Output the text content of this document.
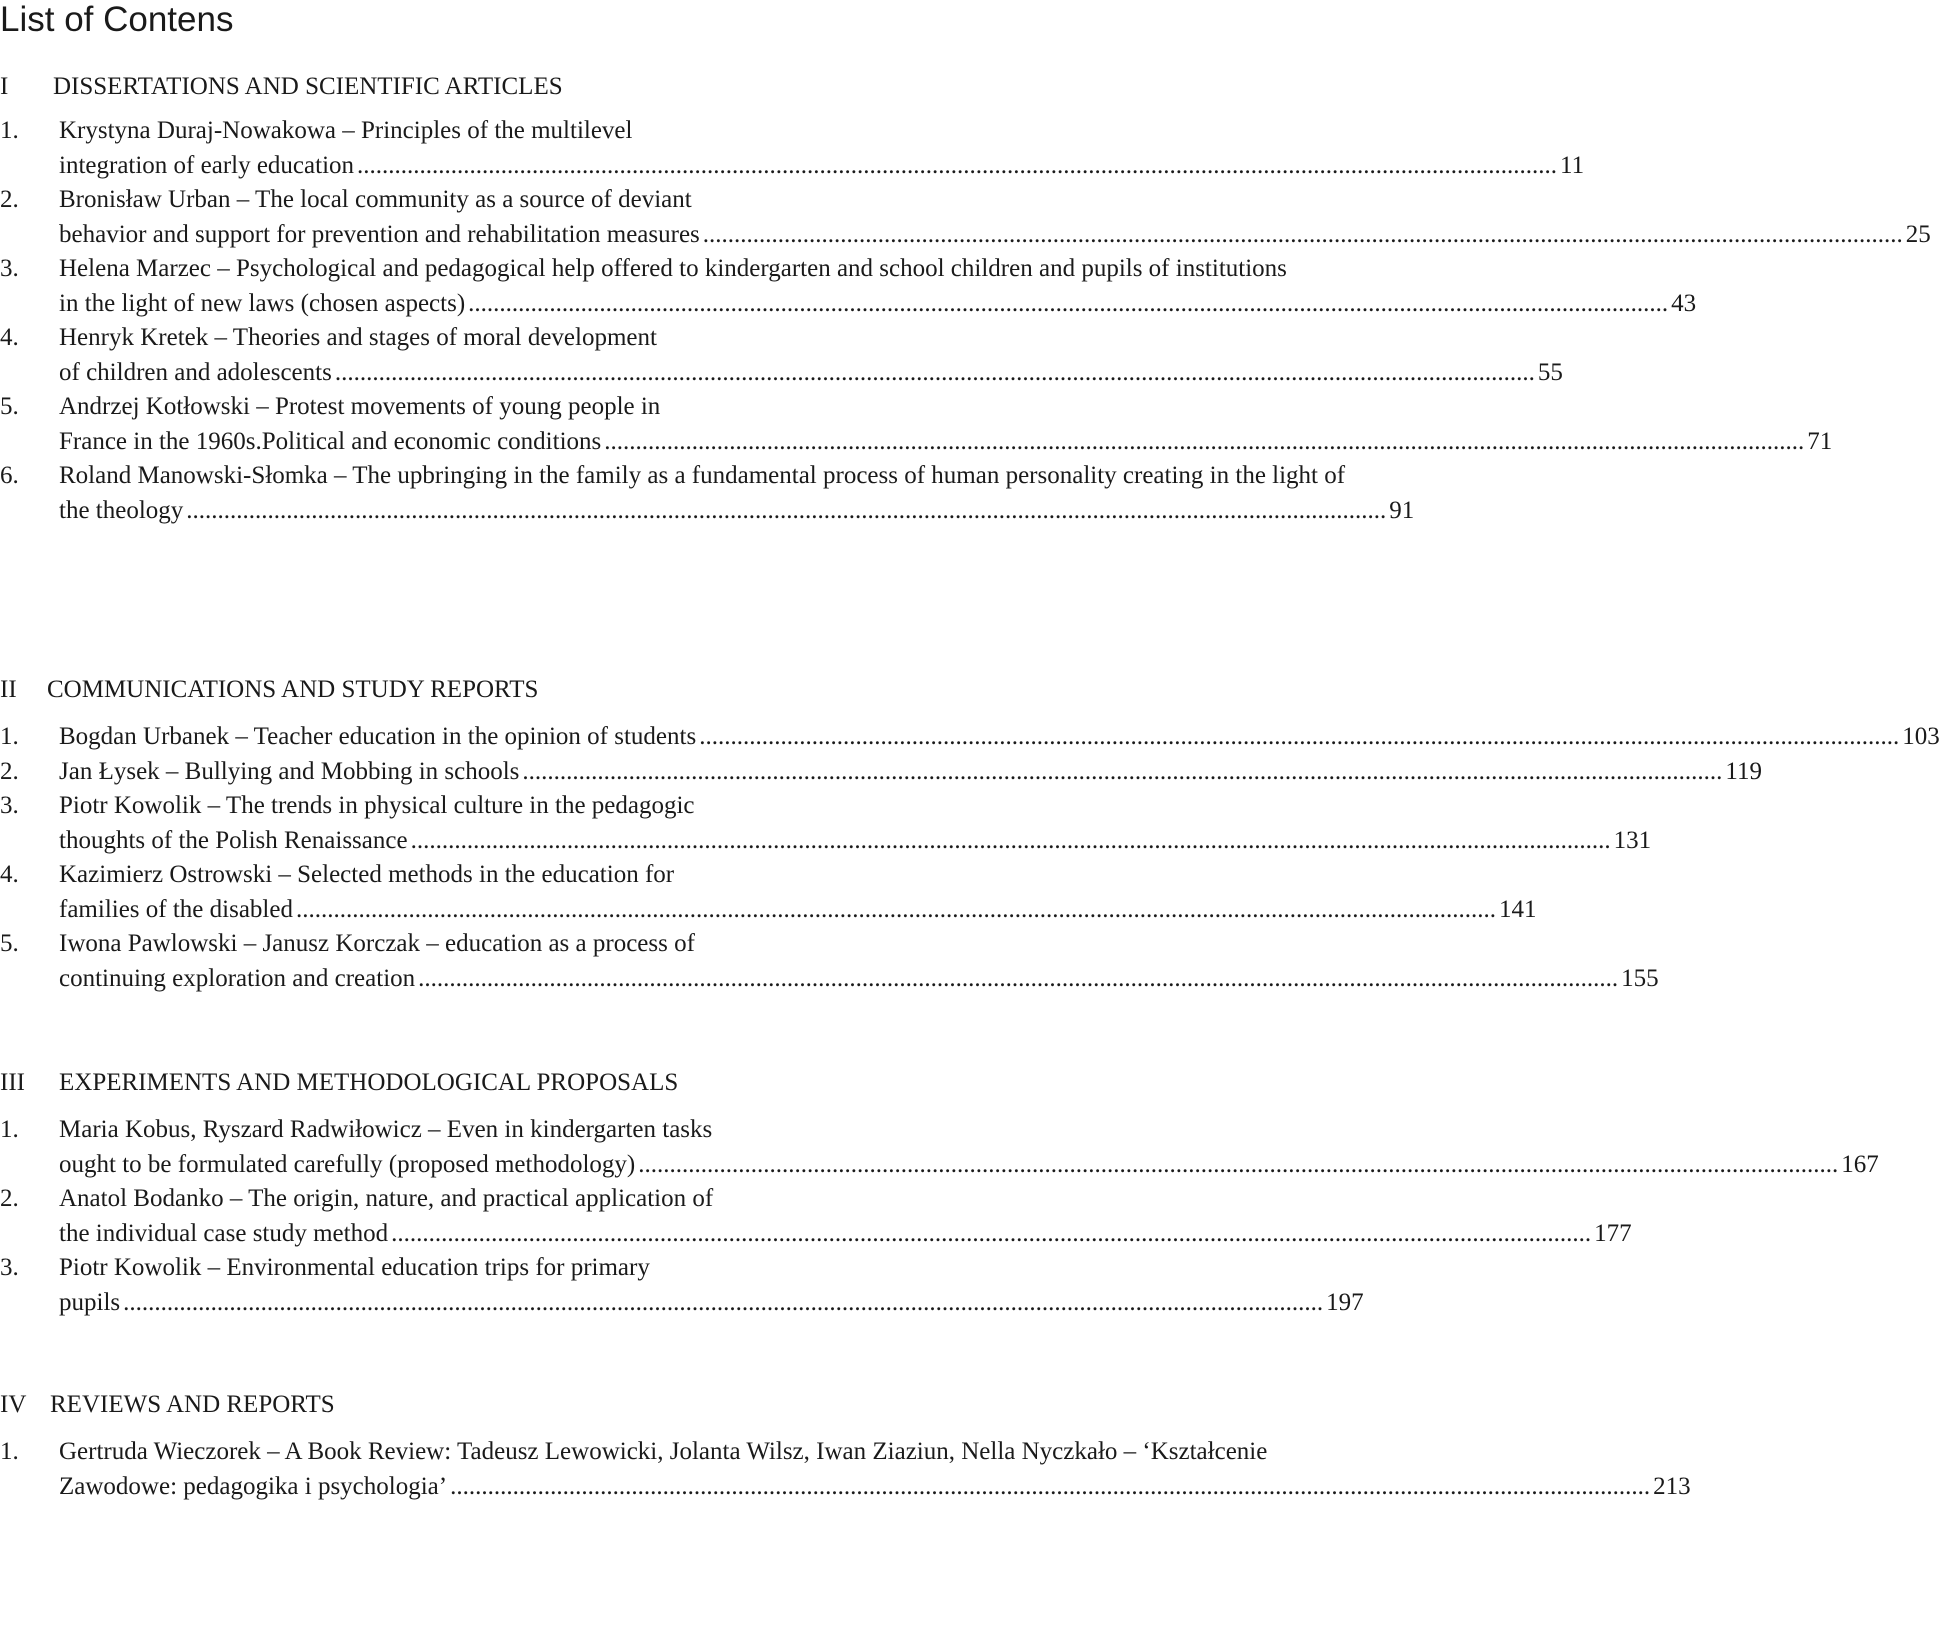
List of Contens
I	DISSERTATIONS AND SCIENTIFIC ARTICLES
1.	Krystyna Duraj-Nowakowa – Principles of the multilevel
integration of early education .....	11
2.	Bronisław Urban – The local community as a source of deviant
behavior and support for prevention and rehabilitation measures .....	25
3.	Helena Marzec – Psychological and pedagogical help offered to kindergarten and school children and pupils of institutions
in the light of new laws (chosen aspects) .....	43
4.	Henryk Kretek – Theories and stages of moral development
of children and adolescents .....	55
5.	Andrzej Kotłowski – Protest movements of young people in
France in the 1960s.Political and economic conditions .....	71
6.	Roland Manowski-Słomka – The upbringing in the family as a fundamental process of human personality creating in the light of
the theology .....	91
II	COMMUNICATIONS AND STUDY REPORTS
1.	Bogdan Urbanek – Teacher education in the opinion of students .....	103
2.	Jan Łysek – Bullying and Mobbing in schools .....	119
3.	Piotr Kowolik – The trends in physical culture in the pedagogic
thoughts of the Polish Renaissance .....	131
4.	Kazimierz Ostrowski – Selected methods in the education for
families of the disabled .....	141
5.	Iwona Pawlowski – Janusz Korczak – education as a process of
continuing exploration and creation .....	155
III	EXPERIMENTS AND METHODOLOGICAL PROPOSALS
1.	Maria Kobus, Ryszard Radwiłowicz – Even in kindergarten tasks
ought to be formulated carefully (proposed methodology) .....	167
2.	Anatol Bodanko – The origin, nature, and practical application of
the individual case study method .....	177
3.	Piotr Kowolik – Environmental education trips for primary
pupils .....	197
IV REVIEWS AND REPORTS
1.	Gertruda Wieczorek – A Book Review: Tadeusz Lewowicki, Jolanta Wilsz, Iwan Ziaziun, Nella Nyczkało – ‘Kształcenie
Zawodowe: pedagogika i psychologia’ .....	213
